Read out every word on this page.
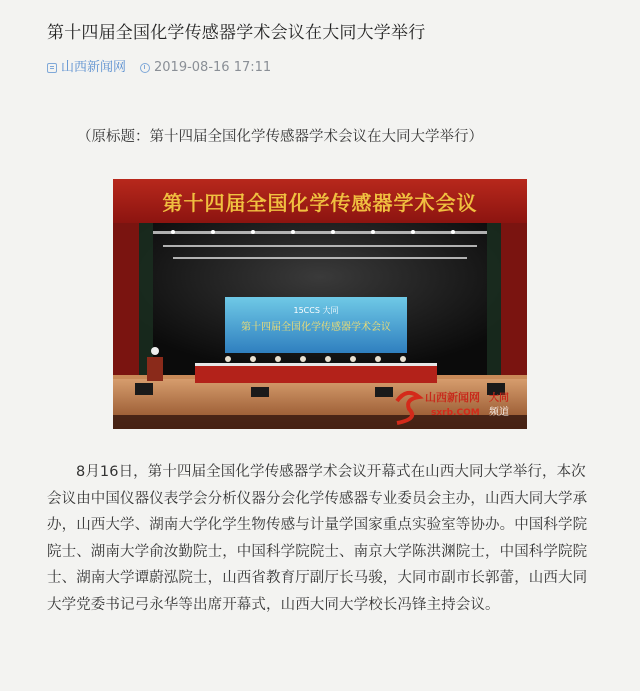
第十四届全国化学传感器学术会议在大同大学举行
山西新闻网 2019-08-16 17:11
（原标题：第十四届全国化学传感器学术会议在大同大学举行）
第十四届全国化学传感器学术会议
15CCS 大同
第十四届全国化学传感器学术会议
山西新闻网 大同
sxrb.COM 频道

8月16日，第十四届全国化学传感器学术会议开幕式在山西大同大学举行，本次会议由中国仪器仪表学会分析仪器分会化学传感器专业委员会主办，山西大同大学承办，山西大学、湖南大学化学生物传感与计量学国家重点实验室等协办。中国科学院院士、湖南大学俞汝勤院士，中国科学院院士、南京大学陈洪渊院士，中国科学院院士、湖南大学谭蔚泓院士，山西省教育厅副厅长马骏，大同市副市长郭蕾，山西大同大学党委书记弓永华等出席开幕式，山西大同大学校长冯锋主持会议。
